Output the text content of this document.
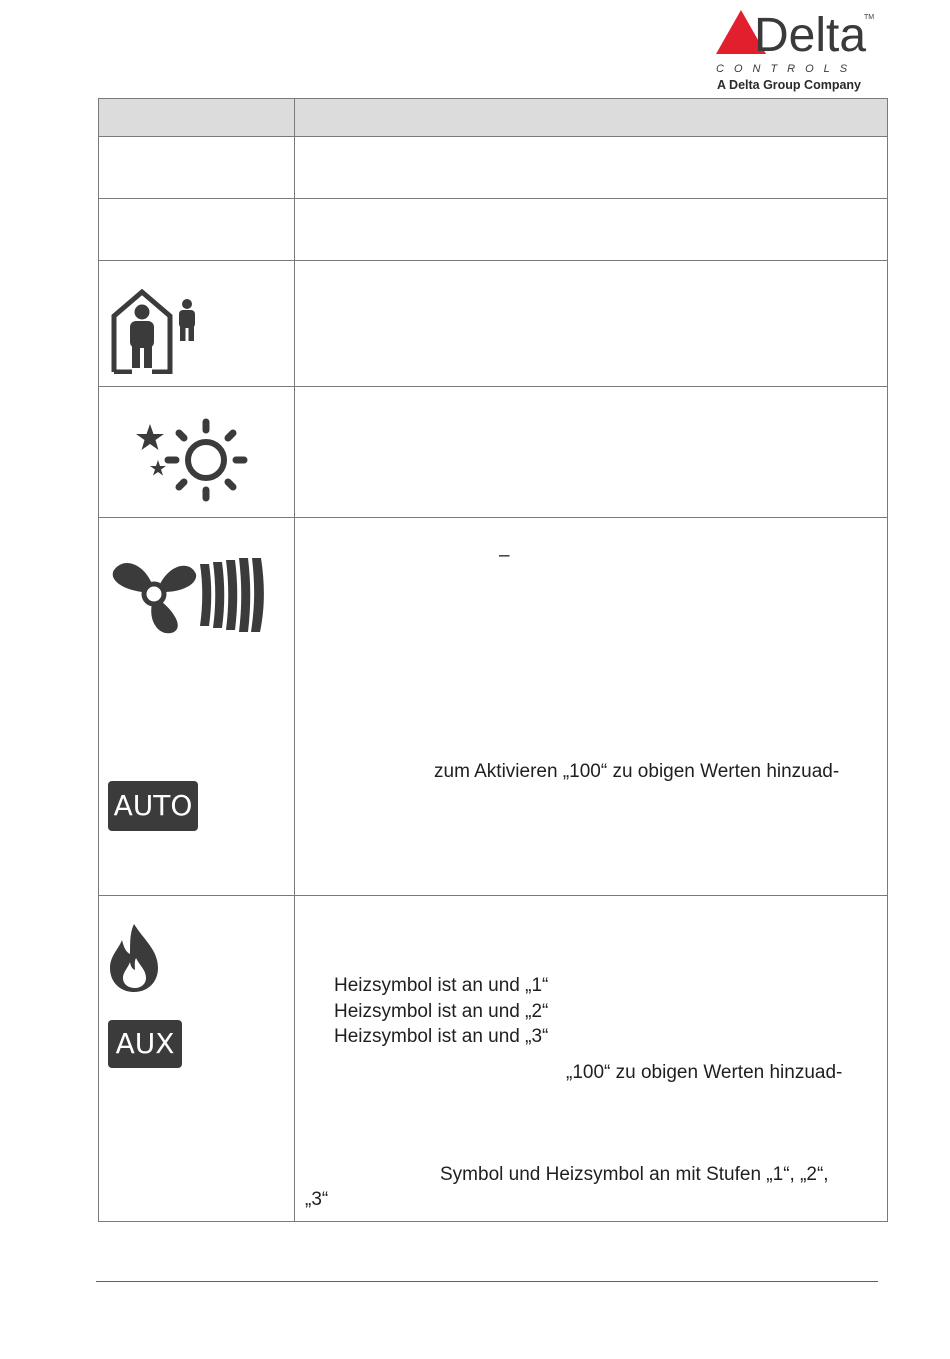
Delta
TM
CONTROLS
A Delta Group Company
AUTO
AUX
–
zum Aktivieren „100“ zu obigen Werten hinzuad-
Heizsymbol ist an und „1“
Heizsymbol ist an und „2“
Heizsymbol ist an und „3“
„100“ zu obigen Werten hinzuad-
Symbol und Heizsymbol an mit Stufen „1“, „2“,
„3“
